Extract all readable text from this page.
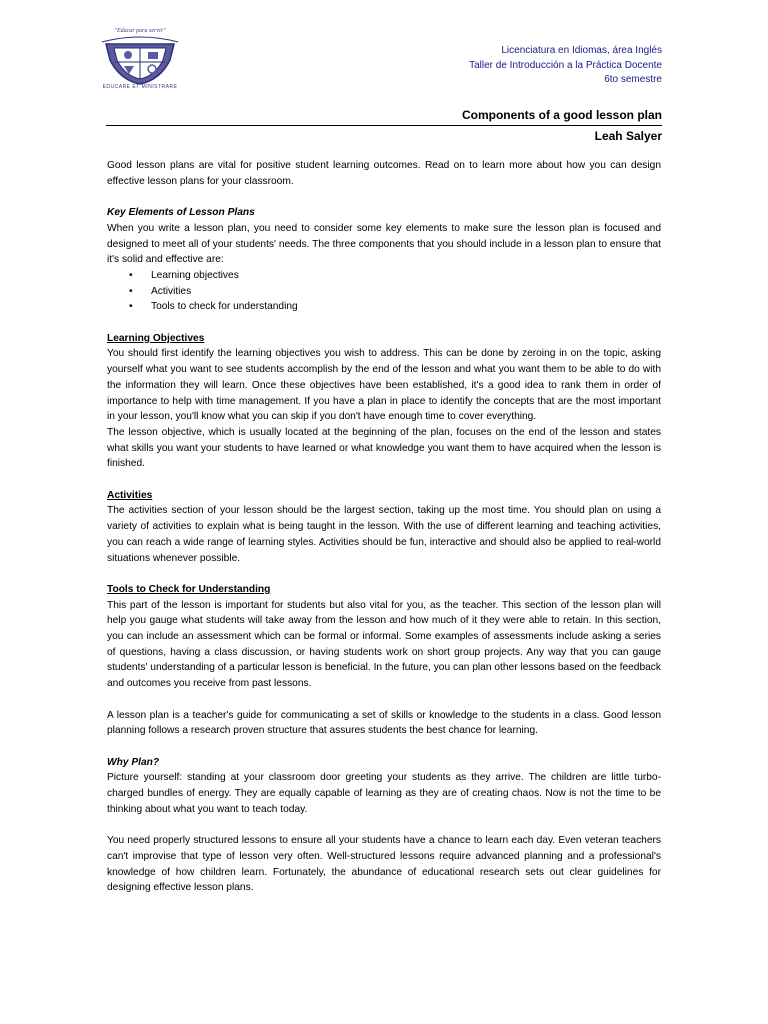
"Educar para servir"
EDUCARE ET MINISTRARE
Licenciatura en Idiomas, área Inglés
Taller de Introducción a la Práctica Docente
6to semestre
Components of a good lesson plan
Leah Salyer

Good lesson plans are vital for positive student learning outcomes. Read on to learn more about how you can design effective lesson plans for your classroom.

Key Elements of Lesson Plans

When you write a lesson plan, you need to consider some key elements to make sure the lesson plan is focused and designed to meet all of your students' needs. The three components that you should include in a lesson plan to ensure that it's solid and effective are:

• Learning objectives
• Activities
• Tools to check for understanding

Learning Objectives

You should first identify the learning objectives you wish to address. This can be done by zeroing in on the topic, asking yourself what you want to see students accomplish by the end of the lesson and what you want them to be able to do with the information they will learn. Once these objectives have been established, it's a good idea to rank them in order of importance to help with time management. If you have a plan in place to identify the concepts that are the most important in your lesson, you'll know what you can skip if you don't have enough time to cover everything.

The lesson objective, which is usually located at the beginning of the plan, focuses on the end of the lesson and states what skills you want your students to have learned or what knowledge you want them to have acquired when the lesson is finished.

Activities

The activities section of your lesson should be the largest section, taking up the most time. You should plan on using a variety of activities to explain what is being taught in the lesson. With the use of different learning and teaching activities, you can reach a wide range of learning styles. Activities should be fun, interactive and should also be applied to real-world situations whenever possible.

Tools to Check for Understanding

This part of the lesson is important for students but also vital for you, as the teacher. This section of the lesson plan will help you gauge what students will take away from the lesson and how much of it they were able to retain. In this section, you can include an assessment which can be formal or informal. Some examples of assessments include asking a series of questions, having a class discussion, or having students work on short group projects. Any way that you can gauge students' understanding of a particular lesson is beneficial. In the future, you can plan other lessons based on the feedback and outcomes you receive from past lessons.

A lesson plan is a teacher's guide for communicating a set of skills or knowledge to the students in a class. Good lesson planning follows a research proven structure that assures students the best chance for learning.

Why Plan?

Picture yourself: standing at your classroom door greeting your students as they arrive. The children are little turbo-charged bundles of energy. They are equally capable of learning as they are of creating chaos. Now is not the time to be thinking about what you want to teach today.

You need properly structured lessons to ensure all your students have a chance to learn each day. Even veteran teachers can't improvise that type of lesson very often. Well-structured lessons require advanced planning and a professional's knowledge of how children learn. Fortunately, the abundance of educational research sets out clear guidelines for designing effective lesson plans.
